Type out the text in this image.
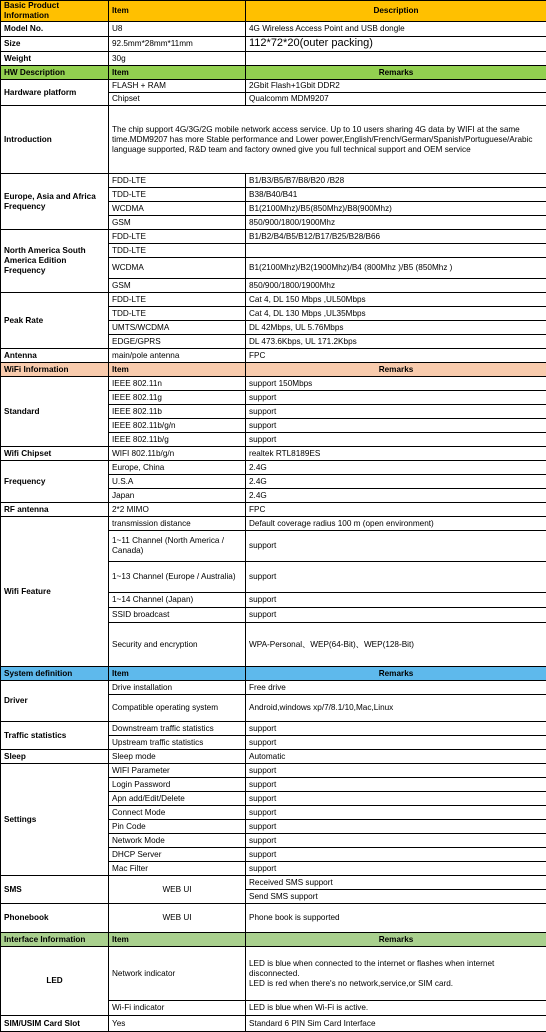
Basic Product Information	Item	Description
Model No.	U8	4G Wireless Access Point and USB dongle
Size	92.5mm*28mm*11mm	112*72*20(outer packing)
Weight	30g	
HW Description	Item	Remarks
Hardware platform	FLASH + RAM	2Gbit Flash+1Gbit DDR2
	Chipset	Qualcomm MDM9207
Introduction	The chip support 4G/3G/2G mobile network access service. Up to 10 users sharing 4G data by WIFI at the same time.MDM9207 has more Stable performance and Lower power,English/French/German/Spanish/Portuguese/Arabic language supported, R&D team and factory owned give you full technical support and OEM service	
Europe, Asia and Africa Frequency	FDD-LTE	B1/B3/B5/B7/B8/B20 /B28
	TDD-LTE	B38/B40/B41
	WCDMA	B1(2100Mhz)/B5(850Mhz)/B8(900Mhz)
	GSM	850/900/1800/1900Mhz
North America South America Edition Frequency	FDD-LTE	B1/B2/B4/B5/B12/B17/B25/B28/B66
	TDD-LTE	
	WCDMA	B1(2100Mhz)/B2(1900Mhz)/B4 (800Mhz )/B5 (850Mhz )
	GSM	850/900/1800/1900Mhz
Peak Rate	FDD-LTE	Cat 4, DL 150 Mbps ,UL50Mbps
	TDD-LTE	Cat 4, DL 130 Mbps ,UL35Mbps
	UMTS/WCDMA	DL 42Mbps, UL 5.76Mbps
	EDGE/GPRS	DL 473.6Kbps, UL 171.2Kbps
Antenna	main/pole antenna	FPC
WiFi Information	Item	Remarks
Standard	IEEE 802.11n	support 150Mbps
	IEEE 802.11g	support
	IEEE 802.11b	support
	IEEE 802.11b/g/n	support
	IEEE 802.11b/g	support
Wifi Chipset	WIFI 802.11b/g/n	realtek RTL8189ES
Frequency	Europe, China	2.4G
	U.S.A	2.4G
	Japan	2.4G
RF antenna	2*2 MIMO	FPC
Wifi Feature	transmission distance	Default coverage radius 100 m (open environment)
	1~11 Channel (North America / Canada)	support
	1~13 Channel (Europe / Australia)	support
	1~14 Channel (Japan)	support
	SSID broadcast	support
	Security and encryption	WPA-Personal、WEP(64-Bit)、WEP(128-Bit)
System definition	Item	Remarks
Driver	Drive installation	Free drive
	Compatible operating system	Android,windows xp/7/8.1/10,Mac,Linux
Traffic statistics	Downstream traffic statistics	support
	Upstream traffic statistics	support
Sleep	Sleep mode	Automatic
Settings	WIFI Parameter	support
	Login Password	support
	Apn add/Edit/Delete	support
	Connect Mode	support
	Pin Code	support
	Network Mode	support
	DHCP Server	support
	Mac Filter	support
SMS	WEB UI	Received SMS support
		Send SMS support
Phonebook	WEB UI	Phone book is supported
Interface Information	Item	Remarks
LED	Network indicator	LED is blue when connected to the internet or flashes when internet disconnected.
LED is red when there's no network,service,or SIM card.

	Wi-Fi indicator	LED is blue when Wi-Fi is active.
SIM/USIM Card Slot	Yes	Standard 6 PIN Sim Card Interface
